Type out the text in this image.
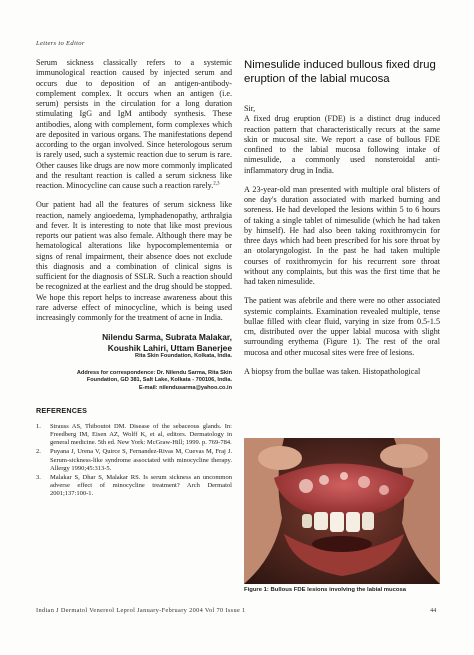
Letters to Editor

Serum sickness classically refers to a systemic immunological reaction caused by injected serum and occurs due to deposition of an antigen-antibody-complement complex. It occurs when an antigen (i.e. serum) persists in the circulation for a long duration stimulating IgG and IgM antibody synthesis. These antibodies, along with complement, form complexes which are deposited in various organs. The manifestations depend according to the organ involved. Since heterologous serum is rarely used, such a systemic reaction due to serum is rare. Other causes like drugs are now more commonly implicated and the resultant reaction is called a serum sickness like reaction. Minocycline can cause such a reaction rarely.$^{2,3}$

Our patient had all the features of serum sickness like reaction, namely angioedema, lymphadenopathy, arthralgia and fever. It is interesting to note that like most previous reports our patient was also female. Although there may be hematological alterations like hypocomplementemia or signs of renal impairment, their absence does not exclude this diagnosis and a combination of clinical signs is sufficient for the diagnosis of SSLR. Such a reaction should be recognized at the earliest and the drug should be stopped. We hope this report helps to increase awareness about this rare adverse effect of minocycline, which is being used increasingly commonly for the treatment of acne in India.

Nilendu Sarma, Subrata Malakar,
Koushik Lahiri, Uttam Banerjee
Rita Skin Foundation, Kolkata, India.
Address for correspondence: Dr. Nilendu Sarma, Rita Skin
Foundation, GD 381, Salt Lake, Kolkata - 700106, India.
E-mail: nilendusarma@yahoo.co.in
REFERENCES
1. Strauss AS, Thiboutot DM. Disease of the sebaceous glands. In: Freedberg IM, Eisen AZ, Wolff K, et al, editors. Dermatology in general medicine. 5th ed. New York: McGraw-Hill; 1999. p. 769-784.
2. Puyana J, Urena V, Quirce S, Fernandez-Rivas M, Cuevas M, Fraj J. Serum-sickness-like syndrome associated with minocycline therapy. Allergy 1990;45:313-5.
3. Malakar S, Dhar S, Malakar RS. Is serum sickness an uncommon adverse effect of minocycline treatment? Arch Dermatol 2001;137:100-1.
Nimesulide induced bullous fixed drug eruption of the labial mucosa

Sir,

A fixed drug eruption (FDE) is a distinct drug induced reaction pattern that characteristically recurs at the same skin or mucosal site. We report a case of bullous FDE confined to the labial mucosa following intake of nimesulide, a commonly used nonsteroidal anti-inflammatory drug in India.

A 23-year-old man presented with multiple oral blisters of one day's duration associated with marked burning and soreness. He had developed the lesions within 5 to 6 hours of taking a single tablet of nimesulide (which he had taken by himself). He had also been taking roxithromycin for three days which had been prescribed for his sore throat by an otolaryngologist. In the past he had taken multiple courses of roxithromycin for his recurrent sore throat without any complaints, but this was the first time that he had taken nimesulide.

The patient was afebrile and there were no other associated systemic complaints. Examination revealed multiple, tense bullae filled with clear fluid, varying in size from 0.5-1.5 cm, distributed over the upper labial mucosa with slight surrounding erythema (Figure 1). The rest of the oral mucosa and other mucosal sites were free of lesions.

A biopsy from the bullae was taken. Histopathological

Figure 1: Bullous FDE lesions involving the labial mucosa
Indian J Dermatol Venereol Leprol January-February 2004 Vol 70 Issue 1	44
